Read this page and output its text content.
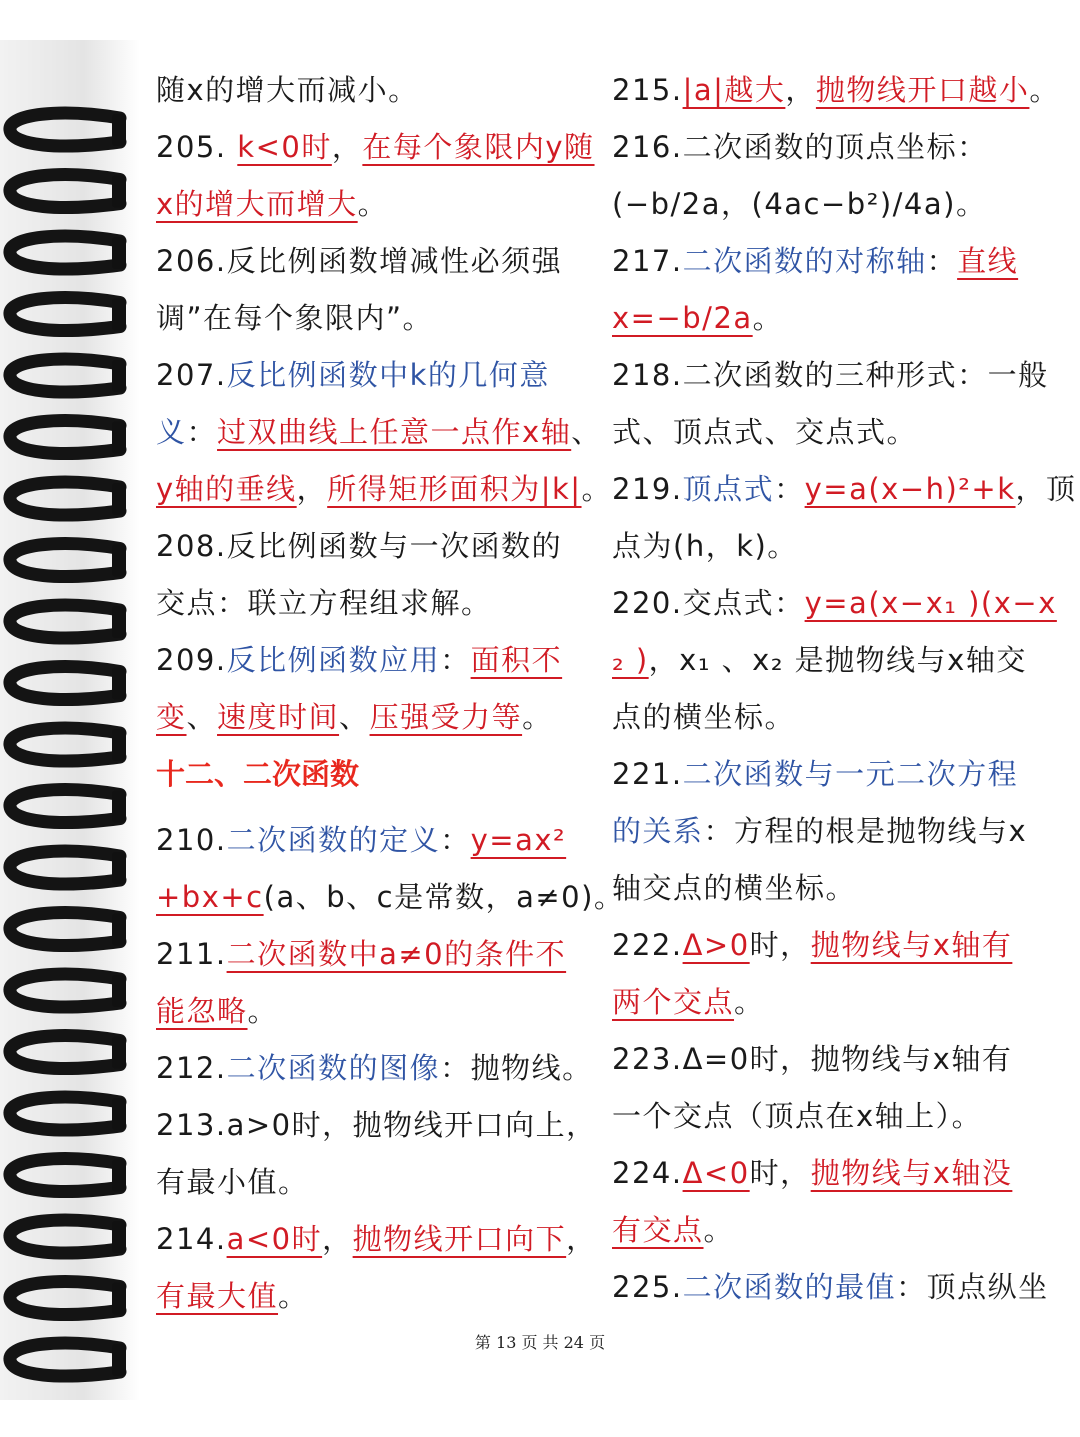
随x的增大而减小。
205. k<0时，在每个象限内y随
x的增大而增大。
206.反比例函数增减性必须强
调”在每个象限内”。
207.反比例函数中k的几何意
义：过双曲线上任意一点作x轴、
y轴的垂线，所得矩形面积为|k|。
208.反比例函数与一次函数的
交点：联立方程组求解。
209.反比例函数应用：面积不
变、速度时间、压强受力等。
十二、二次函数
210.二次函数的定义：y=ax²
+bx+c(a、b、c是常数，a≠0)。
211.二次函数中a≠0的条件不
能忽略。
212.二次函数的图像：抛物线。
213.a>0时，抛物线开口向上，
有最小值。
214.a<0时，抛物线开口向下，
有最大值。
215.|a|越大，抛物线开口越小。
216.二次函数的顶点坐标：
(−b/2a，(4ac−b²)/4a)。
217.二次函数的对称轴：直线
x=−b/2a。
218.二次函数的三种形式：一般
式、顶点式、交点式。
219.顶点式：y=a(x−h)²+k，顶
点为(h，k)。
220.交点式：y=a(x−x₁ )(x−x
₂ )，x₁ 、x₂ 是抛物线与x轴交
点的横坐标。
221.二次函数与一元二次方程
的关系：方程的根是抛物线与x
轴交点的横坐标。
222.Δ>0时，抛物线与x轴有
两个交点。
223.Δ=0时，抛物线与x轴有
一个交点（顶点在x轴上）。
224.Δ<0时，抛物线与x轴没
有交点。
225.二次函数的最值：顶点纵坐
第 13 页 共 24 页
